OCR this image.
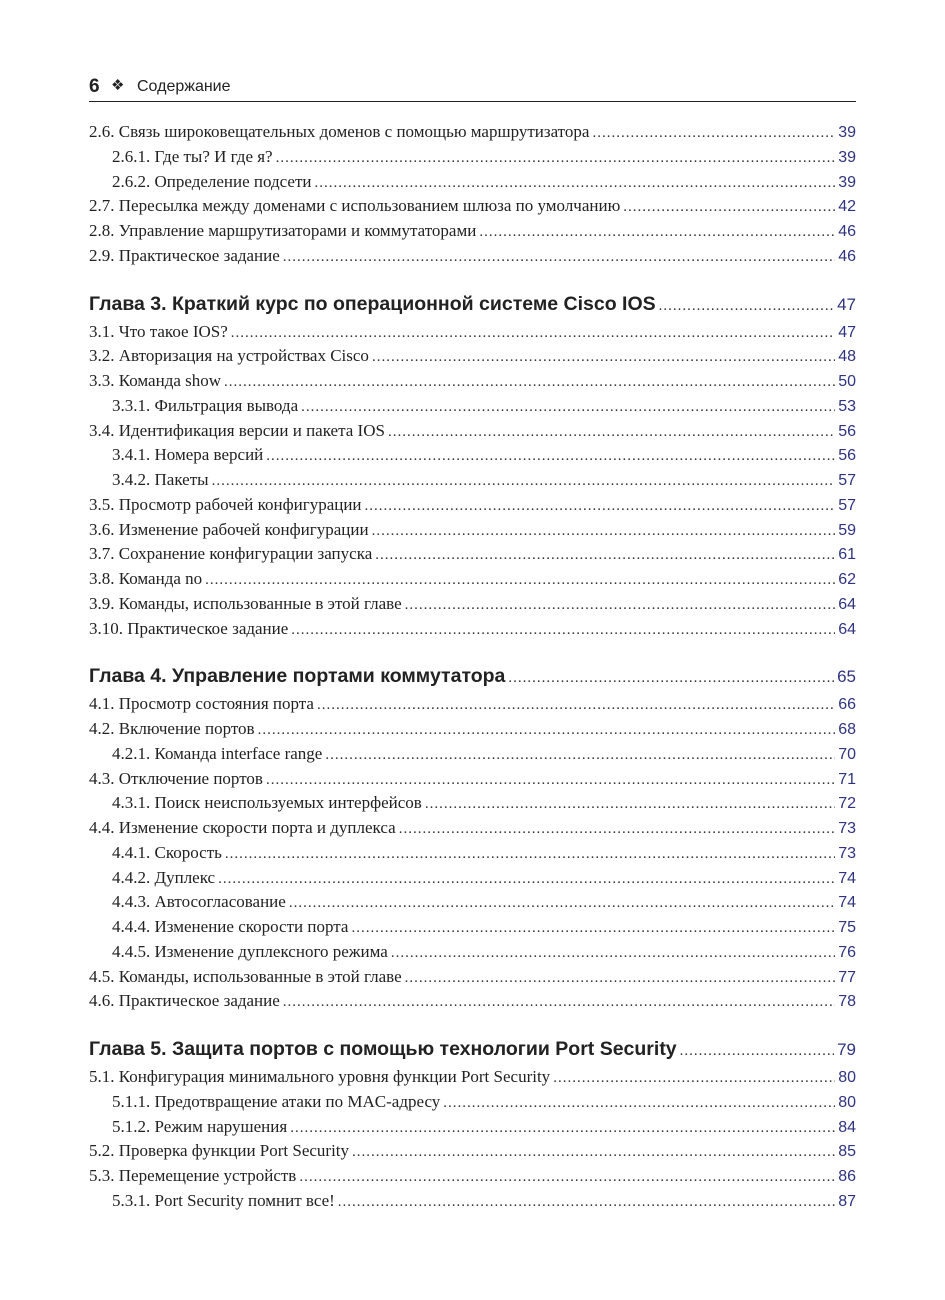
6 ❖ Содержание
2.6. Связь широковещательных доменов с помощью маршрутизатора .....	39
2.6.1. Где ты? И где я? .....	39
2.6.2. Определение подсети .....	39
2.7. Пересылка между доменами с использованием шлюза по умолчанию .....	42
2.8. Управление маршрутизаторами и коммутаторами .....	46
2.9. Практическое задание .....	46
Глава 3. Краткий курс по операционной системе Cisco IOS .....	47
3.1. Что такое IOS? .....	47
3.2. Авторизация на устройствах Cisco .....	48
3.3. Команда show .....	50
3.3.1. Фильтрация вывода .....	53
3.4. Идентификация версии и пакета IOS .....	56
3.4.1. Номера версий .....	56
3.4.2. Пакеты .....	57
3.5. Просмотр рабочей конфигурации .....	57
3.6. Изменение рабочей конфигурации .....	59
3.7. Сохранение конфигурации запуска .....	61
3.8. Команда no .....	62
3.9. Команды, использованные в этой главе .....	64
3.10. Практическое задание .....	64
Глава 4. Управление портами коммутатора .....	65
4.1. Просмотр состояния порта .....	66
4.2. Включение портов .....	68
4.2.1. Команда interface range .....	70
4.3. Отключение портов .....	71
4.3.1. Поиск неиспользуемых интерфейсов .....	72
4.4. Изменение скорости порта и дуплекса .....	73
4.4.1. Скорость .....	73
4.4.2. Дуплекс .....	74
4.4.3. Автосогласование .....	74
4.4.4. Изменение скорости порта .....	75
4.4.5. Изменение дуплексного режима .....	76
4.5. Команды, использованные в этой главе .....	77
4.6. Практическое задание .....	78
Глава 5. Защита портов с помощью технологии Port Security .....	79
5.1. Конфигурация минимального уровня функции Port Security .....	80
5.1.1. Предотвращение атаки по MAC-адресу .....	80
5.1.2. Режим нарушения .....	84
5.2. Проверка функции Port Security .....	85
5.3. Перемещение устройств .....	86
5.3.1. Port Security помнит все! .....	87
